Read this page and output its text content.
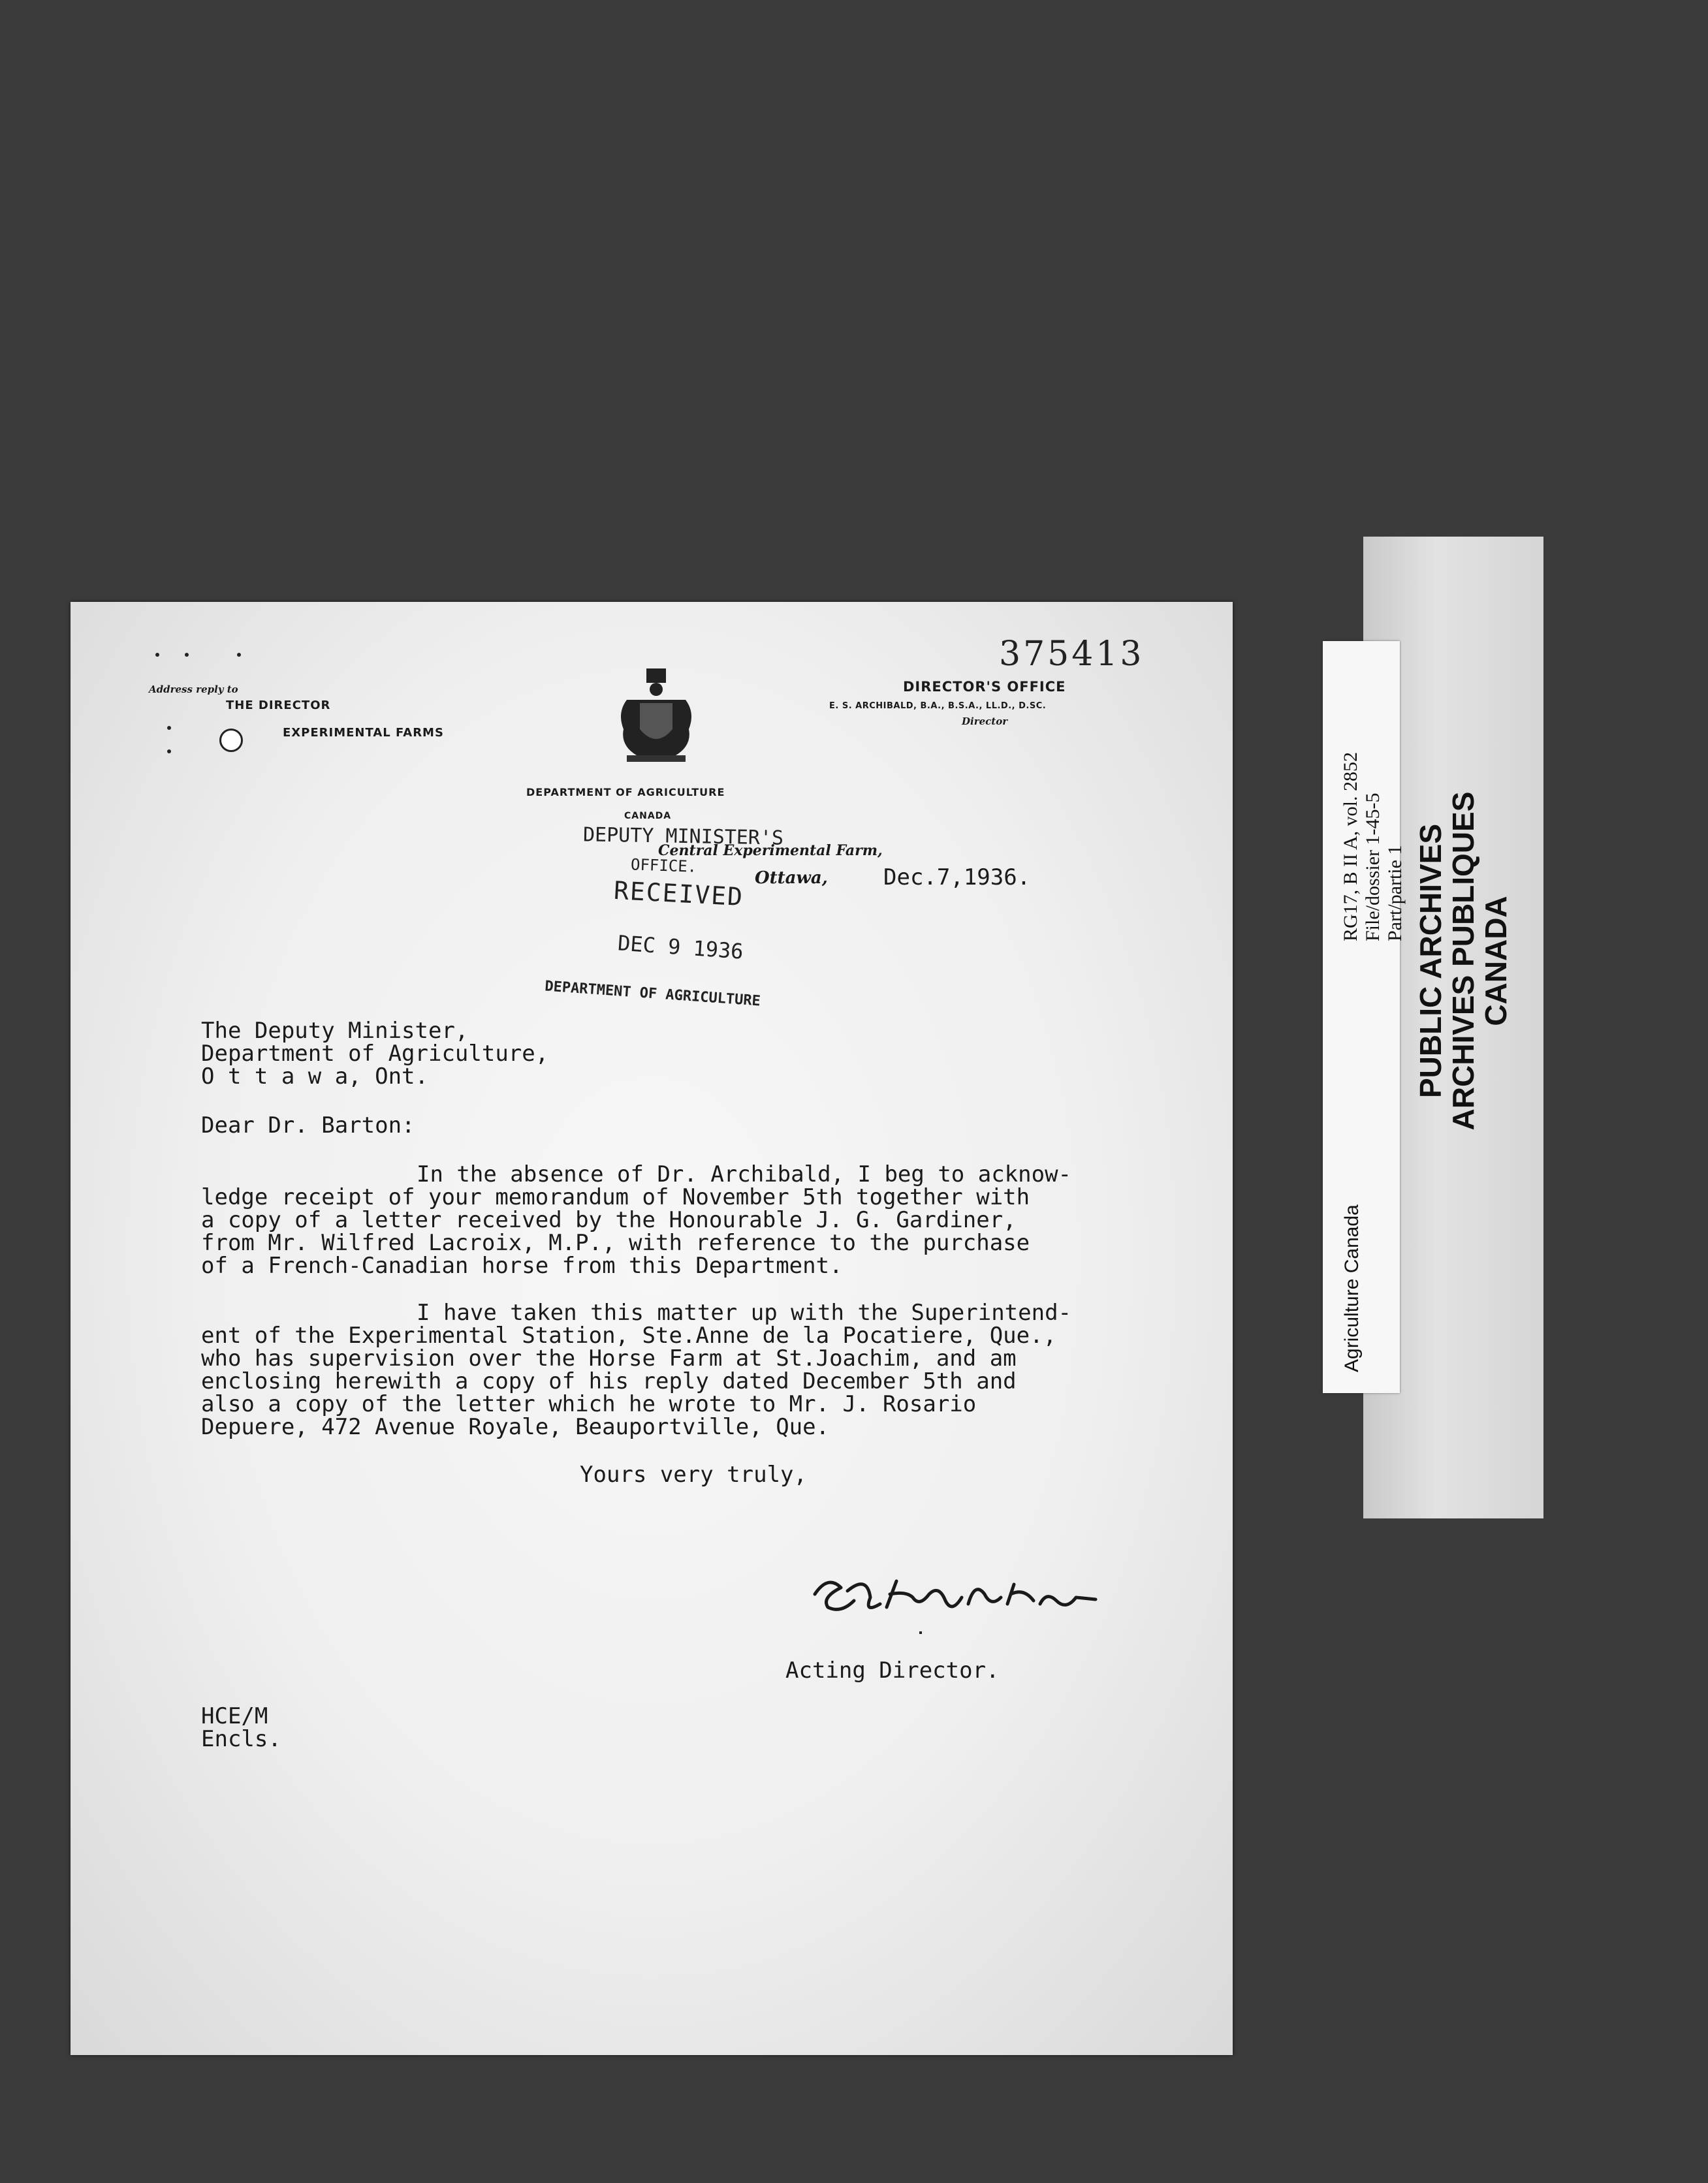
Address reply to
THE DIRECTOR
EXPERIMENTAL FARMS
375413
DIRECTOR'S OFFICE
E. S. ARCHIBALD, B.A., B.S.A., LL.D., D.SC.
Director
DEPARTMENT OF AGRICULTURE
CANADA
Central Experimental Farm,
Ottawa,	Dec.7,1936.
DEPUTY MINISTER'S
OFFICE.
RECEIVED
DEC 9 1936
DEPARTMENT OF AGRICULTURE
The Deputy Minister,
Department of Agriculture,
O t t a w a, Ont.
Dear Dr. Barton:
In the absence of Dr. Archibald, I beg to acknow-
ledge receipt of your memorandum of November 5th together with
a copy of a letter received by the Honourable J. G. Gardiner,
from Mr. Wilfred Lacroix, M.P., with reference to the purchase
of a French-Canadian horse from this Department.
I have taken this matter up with the Superintend-
ent of the Experimental Station, Ste.Anne de la Pocatiere, Que.,
who has supervision over the Horse Farm at St.Joachim, and am
enclosing herewith a copy of his reply dated December 5th and
also a copy of the letter which he wrote to Mr. J. Rosario
Depuere, 472 Avenue Royale, Beauportville, Que.
Yours very truly,
Acting Director.
HCE/M
Encls.
PUBLIC ARCHIVES
ARCHIVES PUBLIQUES
CANADA
RG17, B II A, vol. 2852 File/dossier 1-45-5 Part/partie 1
Agriculture Canada
